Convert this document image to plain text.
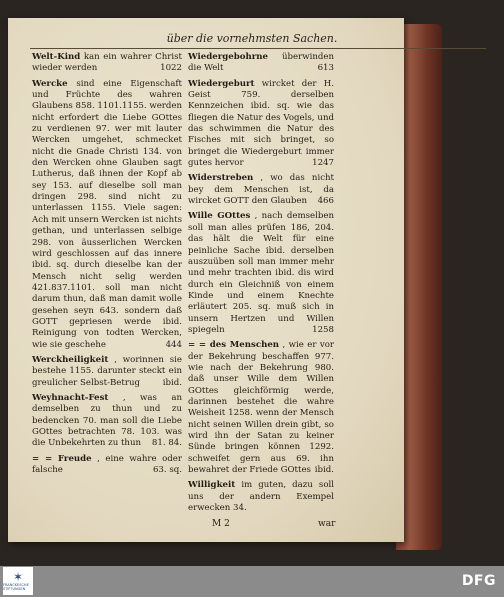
über die vornehmsten Sachen.
Welt-Kind kan ein wahrer Christ wieder werden	1022
Wercke sind eine Eigenschaft und Früchte des wahren Glaubens 858. 1101.1155. werden nicht erfordert die Liebe GOttes zu verdienen 97. wer mit lauter Wercken umgehet, schmecket nicht die Gnade Christi 134. von den Wercken ohne Glauben sagt Lutherus, daß ihnen der Kopf ab sey 153. auf dieselbe soll man dringen 298. sind nicht zu unterlassen 1155. Viele sagen: Ach mit unsern Wercken ist nichts gethan, und unterlassen selbige 298. von äusserlichen Wercken wird geschlossen auf das innere ibid. sq. durch dieselbe kan der Mensch nicht selig werden 421.837.1101. soll man nicht darum thun, daß man damit wolle gesehen seyn 643. sondern daß GOTT gepriesen werde ibid. Reinigung von todten Wercken, wie sie geschehe	444
Werckheiligkeit , worinnen sie bestehe 1155. darunter steckt ein greulicher Selbst-Betrug	ibid.
Weyhnacht-Fest , was an demselben zu thun und zu bedencken 70. man soll die Liebe GOttes betrachten 78. 103. was die Unbekehrten zu thun 81. 84.
= = Freude , eine wahre oder falsche	63. sq.
Wiedergebohrne überwinden die Welt	613
Wiedergeburt wircket der H. Geist 759. derselben Kennzeichen ibid. sq. wie das fliegen die Natur des Vogels, und das schwimmen die Natur des Fisches mit sich bringet, so bringet die Wiedergeburt immer gutes hervor	1247
Widerstreben , wo das nicht bey dem Menschen ist, da wircket GOTT den Glauben 466
Wille GOttes , nach demselben soll man alles prüfen 186, 204. das hält die Welt für eine peinliche Sache ibid. derselben auszuüben soll man immer mehr und mehr trachten ibid. dis wird durch ein Gleichniß von einem Kinde und einem Knechte erläutert 205. sq. muß sich in unsern Hertzen und Willen spiegeln	1258
= = des Menschen , wie er vor der Bekehrung beschaffen 977. wie nach der Bekehrung 980. daß unser Wille dem Willen GOttes gleichförmig werde, darinnen bestehet die wahre Weisheit 1258. wenn der Mensch nicht seinen Willen drein gibt, so wird ihn der Satan zu keiner Sünde bringen können 1292. schweifet gern aus 69. ihn bewahret der Friede GOttes ibid.
Willigkeit im guten, dazu soll uns der andern Exempel erwecken 34.
M 2	war
✶
FRANCKESCHE STIFTUNGEN	DFG
